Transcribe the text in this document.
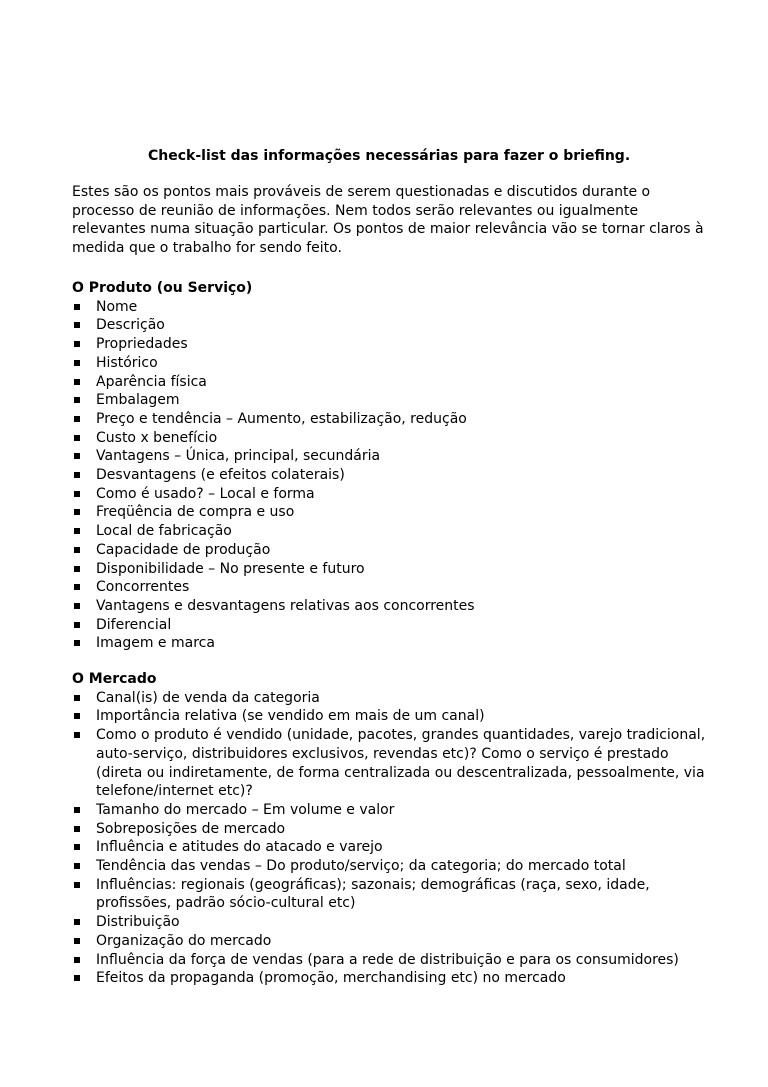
Check-list das informações necessárias para fazer o briefing.

Estes são os pontos mais prováveis de serem questionadas e discutidos durante o
processo de reunião de informações. Nem todos serão relevantes ou igualmente
relevantes numa situação particular. Os pontos de maior relevância vão se tornar claros à
medida que o trabalho for sendo feito.

O Produto (ou Serviço)
Nome
Descrição
Propriedades
Histórico
Aparência física
Embalagem
Preço e tendência – Aumento, estabilização, redução
Custo x benefício
Vantagens – Única, principal, secundária
Desvantagens (e efeitos colaterais)
Como é usado? – Local e forma
Freqüência de compra e uso
Local de fabricação
Capacidade de produção
Disponibilidade – No presente e futuro
Concorrentes
Vantagens e desvantagens relativas aos concorrentes
Diferencial
Imagem e marca
O Mercado
Canal(is) de venda da categoria
Importância relativa (se vendido em mais de um canal)
Como o produto é vendido (unidade, pacotes, grandes quantidades, varejo tradicional,
auto-serviço, distribuidores exclusivos, revendas etc)? Como o serviço é prestado
(direta ou indiretamente, de forma centralizada ou descentralizada, pessoalmente, via
telefone/internet etc)?
Tamanho do mercado – Em volume e valor
Sobreposições de mercado
Influência e atitudes do atacado e varejo
Tendência das vendas – Do produto/serviço; da categoria; do mercado total
Influências: regionais (geográficas); sazonais; demográficas (raça, sexo, idade,
profissões, padrão sócio-cultural etc)
Distribuição
Organização do mercado
Influência da força de vendas (para a rede de distribuição e para os consumidores)
Efeitos da propaganda (promoção, merchandising etc) no mercado
